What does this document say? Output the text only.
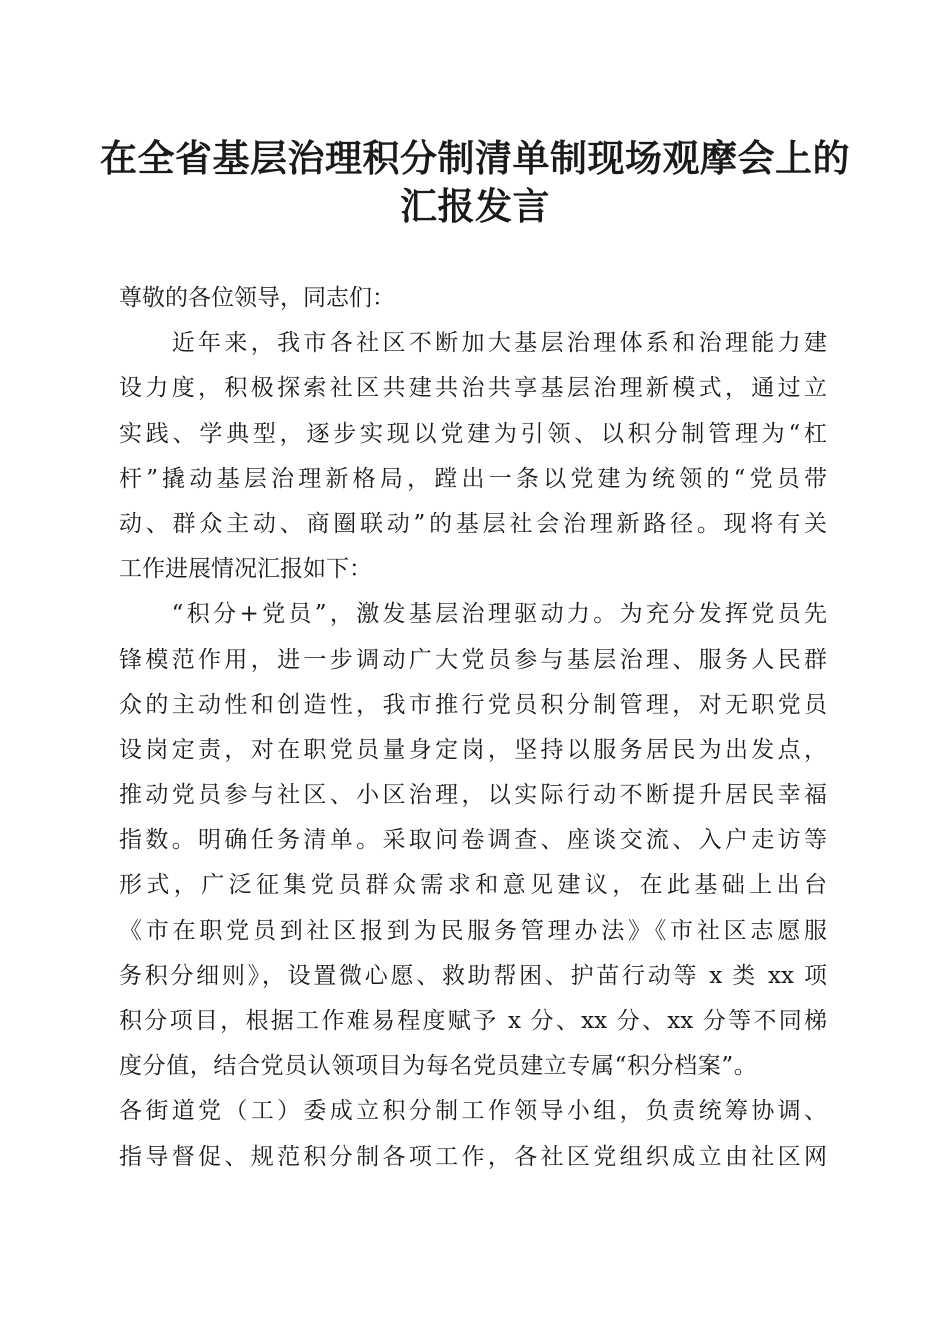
在全省基层治理积分制清单制现场观摩会上的
汇报发言
尊敬的各位领导，同志们：
　　近年来，我市各社区不断加大基层治理体系和治理能力建
设力度，积极探索社区共建共治共享基层治理新模式，通过立
实践、学典型，逐步实现以党建为引领、以积分制管理为“杠
杆”撬动基层治理新格局，蹚出一条以党建为统领的“党员带
动、群众主动、商圈联动”的基层社会治理新路径。现将有关
工作进展情况汇报如下：
　　“积分+党员”，激发基层治理驱动力。为充分发挥党员先
锋模范作用，进一步调动广大党员参与基层治理、服务人民群
众的主动性和创造性，我市推行党员积分制管理，对无职党员
设岗定责，对在职党员量身定岗，坚持以服务居民为出发点，
推动党员参与社区、小区治理，以实际行动不断提升居民幸福
指数。明确任务清单。采取问卷调查、座谈交流、入户走访等
形式，广泛征集党员群众需求和意见建议，在此基础上出台
《市在职党员到社区报到为民服务管理办法》《市社区志愿服
务积分细则》，设置微心愿、救助帮困、护苗行动等 x 类 xx 项
积分项目，根据工作难易程度赋予 x 分、xx 分、xx 分等不同梯
度分值，结合党员认领项目为每名党员建立专属“积分档案”。
各街道党（工）委成立积分制工作领导小组，负责统筹协调、
指导督促、规范积分制各项工作，各社区党组织成立由社区网
